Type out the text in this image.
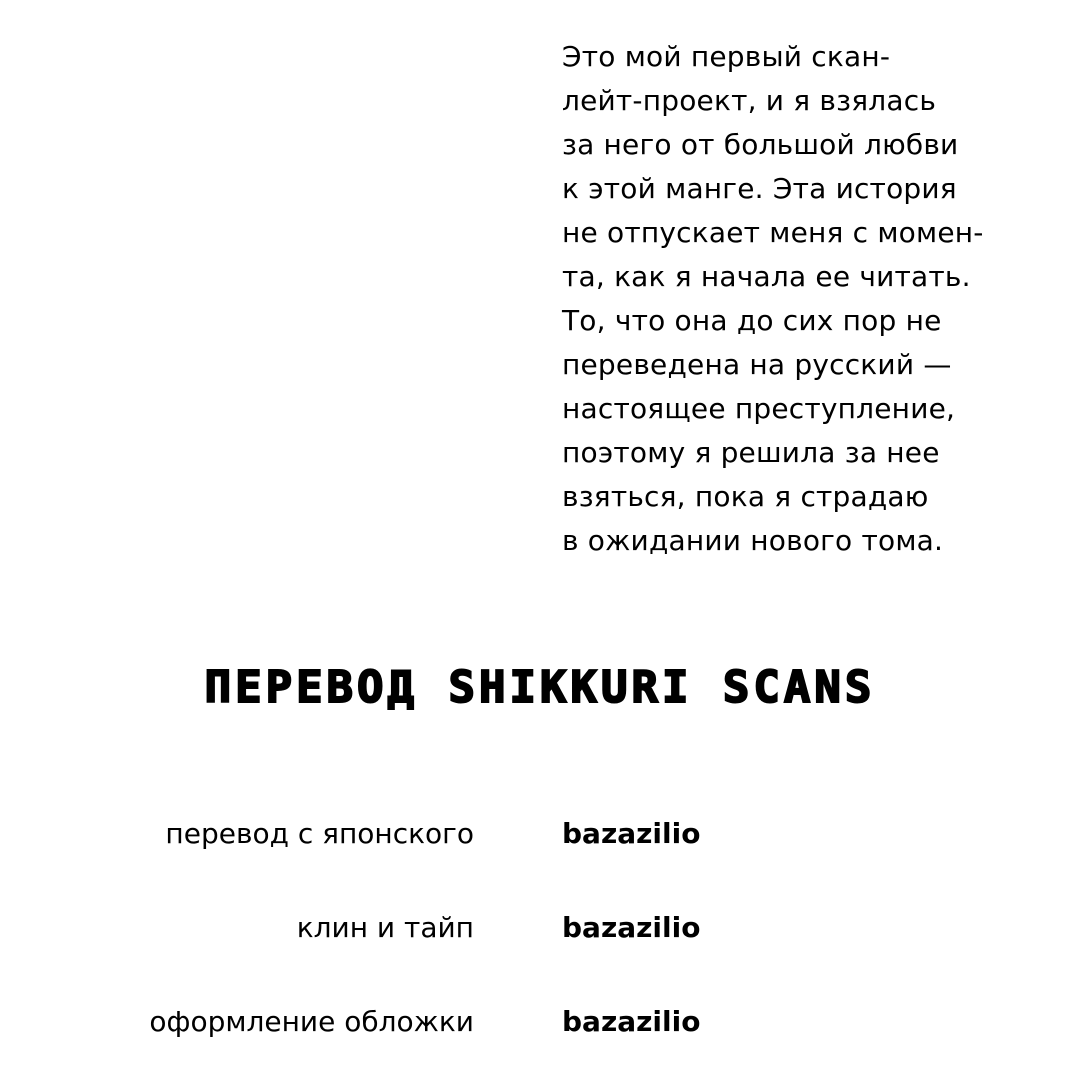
Это мой первый скан-
лейт-проект, и я взялась
за него от большой любви
к этой манге. Эта история
не отпускает меня с момен-
та, как я начала ее читать.
То, что она до сих пор не
переведена на русский —
настоящее преступление,
поэтому я решила за нее
взяться, пока я страдаю
в ожидании нового тома.
ПЕРЕВОД SHIKKURI SCANS
перевод с японского	bazazilio
клин и тайп	bazazilio
оформление обложки	bazazilio
